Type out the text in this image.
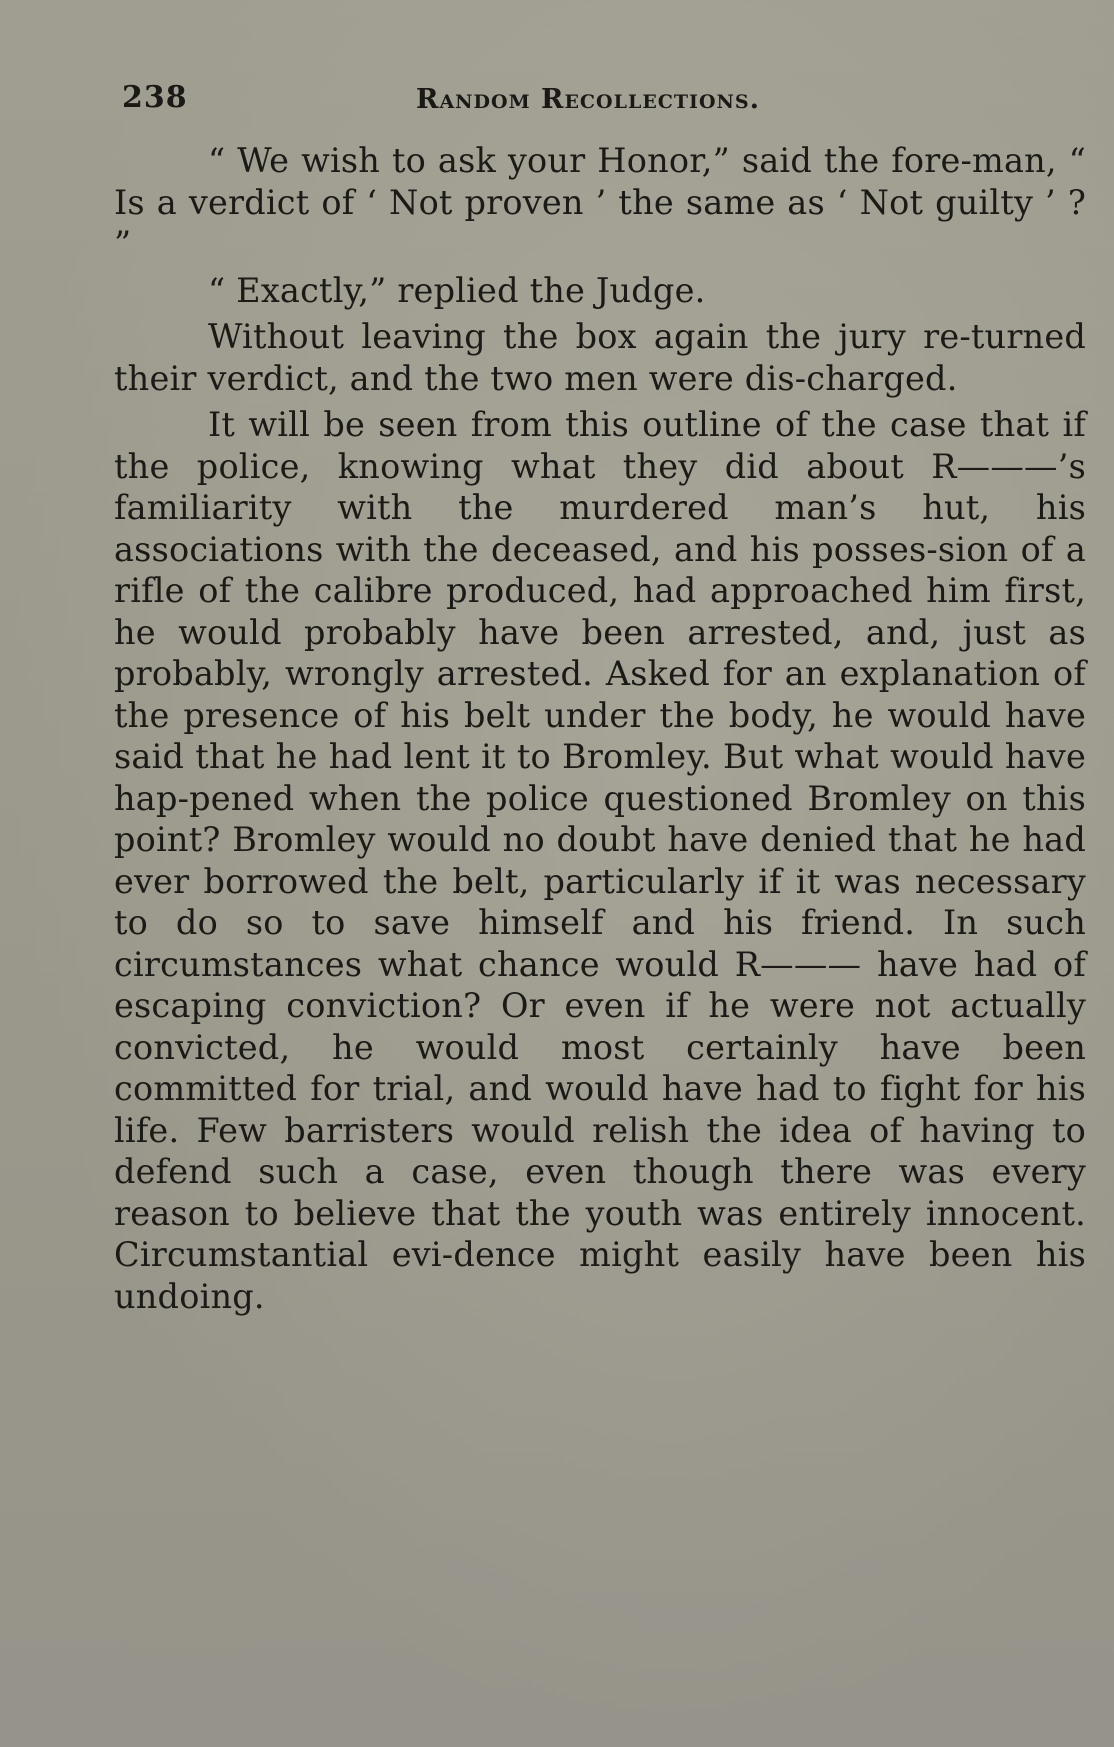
238	Random Recollections.

“ We wish to ask your Honor,” said the fore-man, “ Is a verdict of ‘ Not proven ’ the same as ‘ Not guilty ’ ? ”

“ Exactly,” replied the Judge.

Without leaving the box again the jury re-turned their verdict, and the two men were dis-charged.

It will be seen from this outline of the case that if the police, knowing what they did about R———’s familiarity with the murdered man’s hut, his associations with the deceased, and his posses-sion of a rifle of the calibre produced, had approached him first, he would probably have been arrested, and, just as probably, wrongly arrested. Asked for an explanation of the presence of his belt under the body, he would have said that he had lent it to Bromley. But what would have hap-pened when the police questioned Bromley on this point? Bromley would no doubt have denied that he had ever borrowed the belt, particularly if it was necessary to do so to save himself and his friend. In such circumstances what chance would R——— have had of escaping conviction? Or even if he were not actually convicted, he would most certainly have been committed for trial, and would have had to fight for his life. Few barristers would relish the idea of having to defend such a case, even though there was every reason to believe that the youth was entirely innocent. Circumstantial evi-dence might easily have been his undoing.
